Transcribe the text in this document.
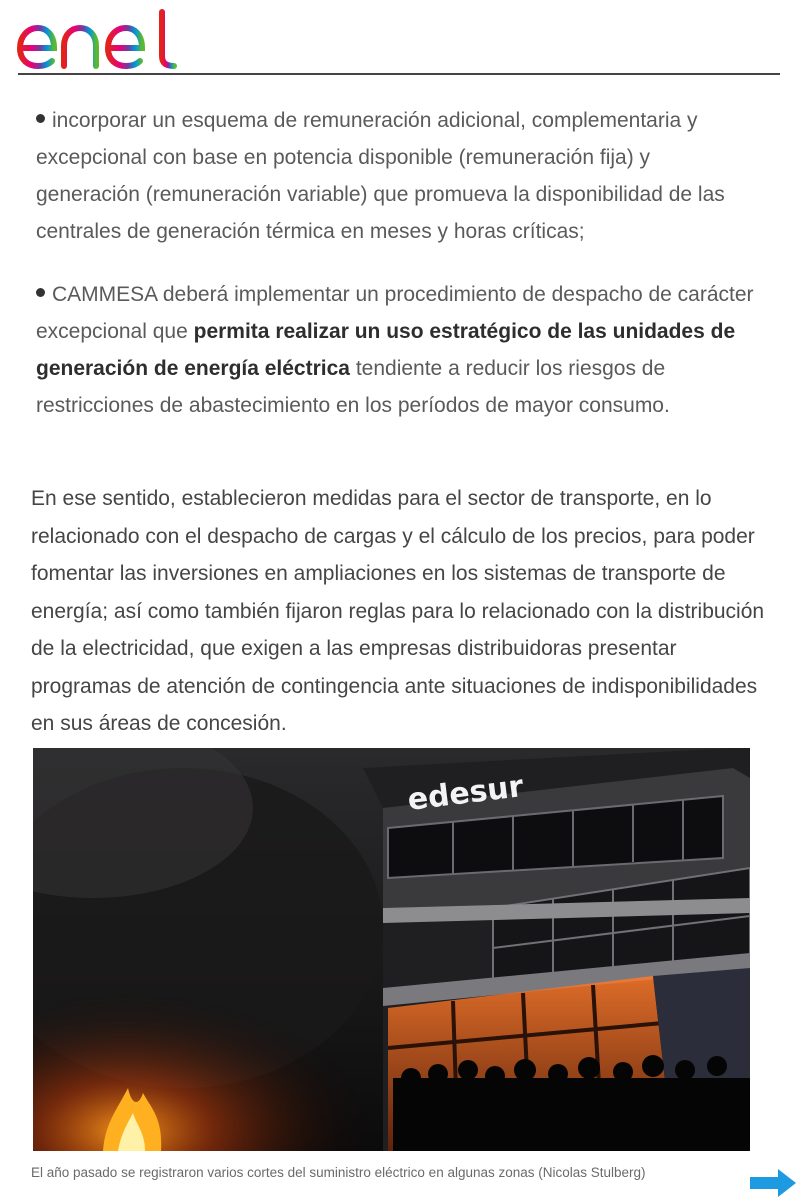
incorporar un esquema de remuneración adicional, complementaria y excepcional con base en potencia disponible (remuneración fija) y generación (remuneración variable) que promueva la disponibilidad de las centrales de generación térmica en meses y horas críticas;
CAMMESA deberá implementar un procedimiento de despacho de carácter excepcional que permita realizar un uso estratégico de las unidades de generación de energía eléctrica tendiente a reducir los riesgos de restricciones de abastecimiento en los períodos de mayor consumo.

En ese sentido, establecieron medidas para el sector de transporte, en lo relacionado con el despacho de cargas y el cálculo de los precios, para poder fomentar las inversiones en ampliaciones en los sistemas de transporte de energía; así como también fijaron reglas para lo relacionado con la distribución de la electricidad, que exigen a las empresas distribuidoras presentar programas de atención de contingencia ante situaciones de indisponibilidades en sus áreas de concesión.

El año pasado se registraron varios cortes del suministro eléctrico en algunas zonas (Nicolas Stulberg)
